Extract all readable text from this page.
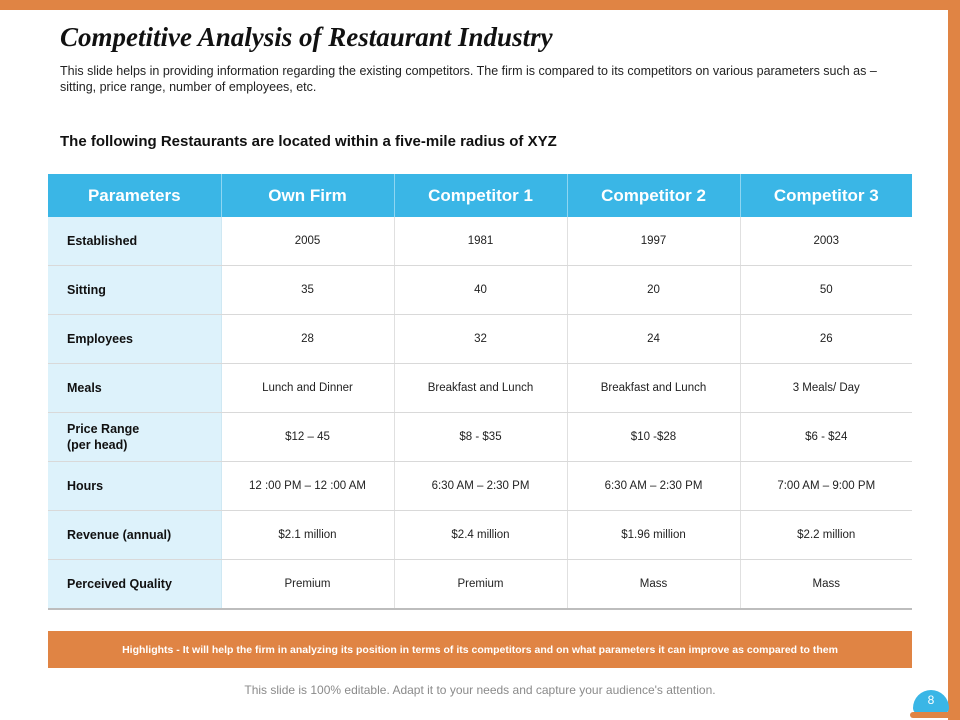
Competitive Analysis of Restaurant Industry

This slide helps in providing information regarding the existing competitors. The firm is compared to its competitors on various parameters such as – sitting, price range, number of employees, etc.

The following Restaurants are located within a five-mile radius of XYZ

Parameters	Own Firm	Competitor 1	Competitor 2	Competitor 3
Established	2005	1981	1997	2003
Sitting	35	40	20	50
Employees	28	32	24	26
Meals	Lunch and Dinner	Breakfast and Lunch	Breakfast and Lunch	3 Meals/ Day
Price Range
(per head)	$12 – 45	$8 - $35	$10 -$28	$6 - $24
Hours	12 :00 PM – 12 :00 AM	6:30 AM – 2:30 PM	6:30 AM – 2:30 PM	7:00 AM – 9:00 PM
Revenue (annual)	$2.1 million	$2.4 million	$1.96 million	$2.2 million
Perceived Quality	Premium	Premium	Mass	Mass
Highlights - It will help the firm in analyzing its position in terms of its competitors and on what parameters it can improve as compared to them
This slide is 100% editable. Adapt it to your needs and capture your audience's attention.
8
